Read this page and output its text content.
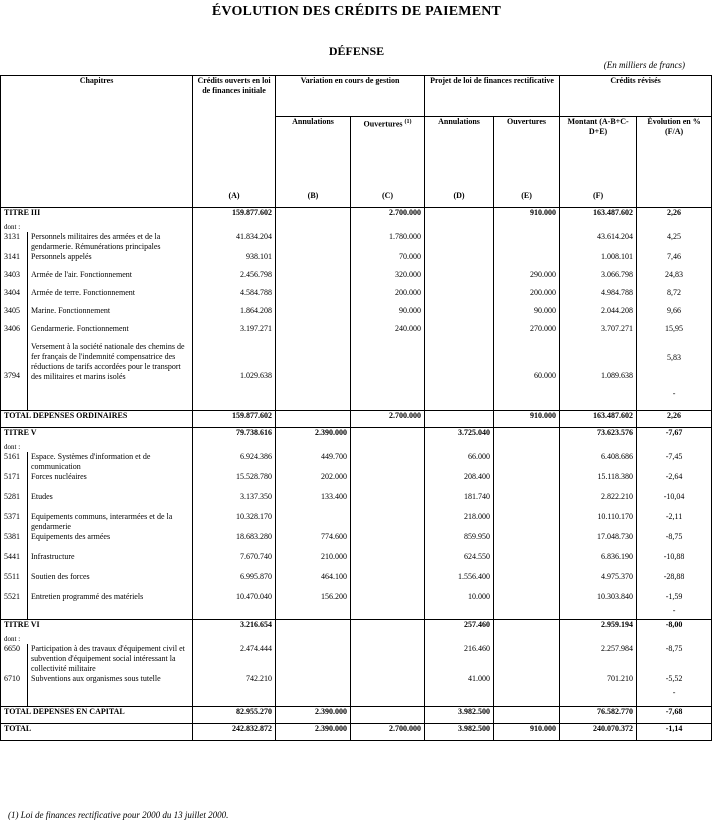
ÉVOLUTION DES CRÉDITS DE PAIEMENT
DÉFENSE
(En milliers de francs)
Chapitres		Crédits ouverts en loi de finances initiale	Variation en cours de gestion		Projet de loi de finances rectificative		Crédits révisés	
			Annulations	Ouvertures $^{(1)}$	Annulations	Ouvertures	Montant (A-B+C-D+E)	Évolution en % (F/A)
		(A)	(B)	(C)	(D)	(E)	(F)	
TITRE III		159.877.602		2.700.000		910.000	163.487.602	2,26
dont :								
3131	Personnels militaires des armées et de la gendarmerie. Rémunérations principales	41.834.204		1.780.000			43.614.204	4,25
3141	Personnels appelés	938.101		70.000			1.008.101	7,46
3403	Armée de l'air. Fonctionnement	2.456.798		320.000		290.000	3.066.798	24,83
3404	Armée de terre. Fonctionnement	4.584.788		200.000		200.000	4.984.788	8,72
3405	Marine. Fonctionnement	1.864.208		90.000		90.000	2.044.208	9,66
3406	Gendarmerie. Fonctionnement	3.197.271		240.000		270.000	3.707.271	15,95
3794	Versement à la société nationale des chemins de fer français de l'indemnité compensatrice des réductions de tarifs accordées pour le transport des militaires et marins isolés	1.029.638				60.000	1.089.638	5,83
-

TOTAL DEPENSES ORDINAIRES		159.877.602		2.700.000		910.000	163.487.602	2,26
TITRE V		79.738.616	2.390.000		3.725.040		73.623.576	-7,67
dont :								
5161	Espace. Systèmes d'information et de communication	6.924.386	449.700		66.000		6.408.686	-7,45
5171	Forces nucléaires	15.528.780	202.000		208.400		15.118.380	-2,64
5281	Etudes	3.137.350	133.400		181.740		2.822.210	-10,04
5371	Equipements communs, interarmées et de la gendarmerie	10.328.170			218.000		10.110.170	-2,11
5381	Equipements des armées	18.683.280	774.600		859.950		17.048.730	-8,75
5441	Infrastructure	7.670.740	210.000		624.550		6.836.190	-10,88
5511	Soutien des forces	6.995.870	464.100		1.556.400		4.975.370	-28,88
5521	Entretien programmé des matériels	10.470.040	156.200		10.000		10.303.840	-1,59
-

TITRE VI		3.216.654			257.460		2.959.194	-8,00
dont :								
6650	Participation à des travaux d'équipement civil et subvention d'équipement social intéressant la collectivité militaire	2.474.444			216.460		2.257.984	-8,75
6710	Subventions aux organismes sous tutelle	742.210			41.000		701.210	-5,52
-

TOTAL DEPENSES EN CAPITAL		82.955.270	2.390.000		3.982.500		76.582.770	-7,68
TOTAL		242.832.872	2.390.000	2.700.000	3.982.500	910.000	240.070.372	-1,14
(1) Loi de finances rectificative pour 2000 du 13 juillet 2000.
